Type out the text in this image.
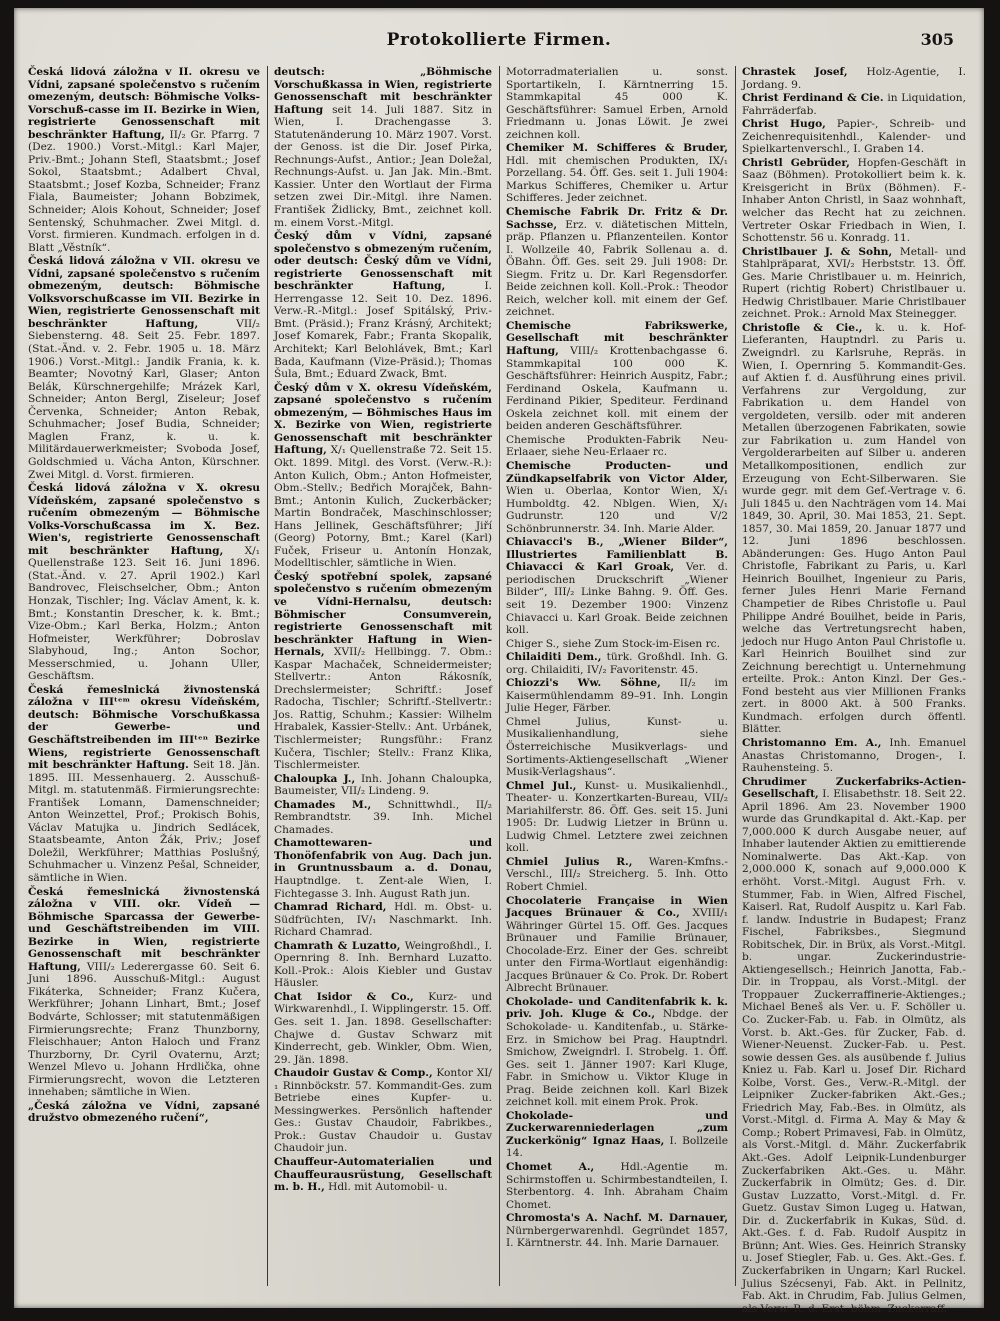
Protokollierte Firmen.	305

Česká lidová záložna v II. okresu ve Vídni, zapsané společenstvo s ručením omezeným, deutsch: Böhmische Volks-Vorschuß-casse im II. Bezirke in Wien, registrierte Genossenschaft mit beschränkter Haftung, II/₂ Gr. Pfarrg. 7 (Dez. 1900.) Vorst.-Mitgl.: Karl Majer, Priv.-Bmt.; Johann Stefl, Staatsbmt.; Josef Sokol, Staatsbmt.; Adalbert Chval, Staatsbmt.; Josef Kozba, Schneider; Franz Fiala, Baumeister; Johann Bobzimek, Schneider; Alois Kohout, Schneider; Josef Sentenský, Schuhmacher. Zwei Mitgl. d. Vorst. firmieren. Kundmach. erfolgen in d. Blatt „Věstník“.

Česká lidová záložna v VII. okresu ve Vídni, zapsané společenstvo s ručením obmezeným, deutsch: Böhmische Volksvorschußcasse im VII. Bezirke in Wien, registrierte Genossenschaft mit beschränkter Haftung,	VII/₂ Siebensterng. 48. Seit 25. Febr. 1897. (Stat.-Änd. v. 2. Febr. 1905 u. 18. März 1906.) Vorst.-Mitgl.: Jandik Frania, k. k. Beamter; Novotný Karl, Glaser; Anton Belák, Kürschnergehilfe; Mrázek Karl, Schneider; Anton Bergl, Ziseleur; Josef Červenka, Schneider; Anton Rebak, Schuhmacher; Josef Budia, Schneider; Maglen Franz, k. u. k. Militärdauerwerkmeister; Svoboda Josef, Goldschmied u. Vácha Anton, Kürschner. Zwei Mitgl. d. Vorst. firmieren.

Česká lidová záložna v X. okresu Vídeňském, zapsané společenstvo s ručením obmezeným — Böhmische Volks-Vorschußcassa im X. Bez. Wien's, registrierte Genossenschaft mit beschränkter Haftung, X/₁ Quellenstraße 123. Seit 16. Juni 1896. (Stat.-Änd. v. 27. April 1902.) Karl Bandrovec, Fleischselcher, Obm.; Anton Honzak, Tischler; Ing. Václav Ament, k. k. Bmt.; Konstantin Drescher, k. k. Bmt.; Vize-Obm.; Karl Berka, Holzm.; Anton Hofmeister, Werkführer; Dobroslav Slabyhoud, Ing.; Anton Sochor, Messerschmied, u. Johann Uller, Geschäftsm.

Česká řemeslnická živnostenská záložna v IIIᵗᵉᵐ okresu Vídeňském, deutsch: Böhmische Vorschußkassa der Gewerbe- und Geschäftstreibenden im IIIᵗᵉⁿ Bezirke Wiens, registrierte Genossenschaft mit beschränkter Haftung. Seit 18. Jän. 1895. III. Messenhauerg. 2. Ausschuß-Mitgl. m. statutenmäß. Firmierungsrechte: František Lomann, Damenschneider; Anton Weinzettel, Prof.; Prokisch Bohis, Václav Matujka u. Jindrich Sedlácek, Staatsbeamte, Anton Žák, Priv.; Josef Doležil, Werkführer; Matthias Poslušný, Schuhmacher u. Vinzenz Pešal, Schneider, sämtliche in Wien.

Česká řemeslnická živnostenská záložna v VIII. okr. Vídeň — Böhmische Sparcassa der Gewerbe- und Geschäftstreibenden im VIII. Bezirke in Wien, registrierte Genossenschaft mit beschränkter Haftung, VIII/₂ Lederergasse 60. Seit 6. Juni 1896. Ausschuß-Mitgl.: August Fikáterka, Schneider; Franz Kučera, Werkführer; Johann Linhart, Bmt.; Josef Bodvárte, Schlosser; mit statutenmäßigen Firmierungsrechte; Franz Thunzborny, Fleischhauer; Anton Haloch und Franz Thurzborny, Dr. Cyril Ovaternu, Arzt; Wenzel Mlevo u. Johann Hrdlička, ohne Firmierungsrecht, wovon die Letzteren innehaben; sämtliche in Wien.

„Česká záložna ve Vídni, zapsané družstvo obmezeného ručení“,

deutsch: „Böhmische Vorschußkassa in Wien, registrierte Genossenschaft mit beschränkter Haftung seit 14. Juli 1887. Sitz in Wien, I. Drachengasse 3. Statutenänderung 10. März 1907. Vorst. der Genoss. ist die Dir. Josef Pirka, Rechnungs-Aufst., Antior.; Jean Doležal, Rechnungs-Aufst. u. Jan Jak. Min.-Bmt. Kassier. Unter den Wortlaut der Firma setzen zwei Dir.-Mitgl. ihre Namen. František Židlicky, Bmt., zeichnet koll. m. einem Vorst.-Mitgl.

Český dům v Vídni, zapsané společenstvo s obmezeným ručením, oder deutsch: Český dům ve Vídni, registrierte Genossenschaft mit beschränkter Haftung,	I. Herrengasse 12. Seit 10. Dez. 1896. Verw.-R.-Mitgl.: Josef Spitálský, Priv.-Bmt. (Präsid.); Franz Krásný, Architekt; Josef Komarek, Fabr.; Franta Skopalik, Architekt; Karl Belohlávek, Bmt.; Karl Bada, Kaufmann (Vize-Präsid.); Thomas Šula, Bmt.; Eduard Zwack, Bmt.

Český dům v X. okresu Vídeňském, zapsané společenstvo s ručením obmezeným, — Böhmisches Haus im X. Bezirke von Wien, registrierte Genossenschaft mit beschränkter Haftung, X/₁ Quellenstraße 72. Seit 15. Okt. 1899. Mitgl. des Vorst. (Verw.-R.): Anton Kulich, Obm.; Anton Hofmeister, Obm.-Stellv.; Bedřich Morajček, Bahn-Bmt.; Antonin Kulich, Zuckerbäcker; Martin Bondraček, Maschinschlosser; Hans Jellinek, Geschäftsführer; Jiří (Georg) Potorny, Bmt.; Karel (Karl) Fuček, Friseur u. Antonín Honzak, Modelltischler, sämtliche in Wien.

Český spotřební spolek, zapsané společenstvo s ručením obmezeným ve Vídni-Hernalsu, deutsch: Böhmischer Consumverein, registrierte Genossenschaft mit beschränkter Haftung in Wien-Hernals, XVII/₂ Hellbingg. 7. Obm.: Kaspar Machaček, Schneidermeister; Stellvertr.: Anton Rákosník, Drechslermeister; Schriftf.: Josef Radocha, Tischler; Schriftf.-Stellvertr.: Jos. Rattig, Schuhm.; Kassier: Wilhelm Hrabalek, Kassier-Stellv.: Ant. Urbánek, Tischlermeister; Rungsführ.: Franz Kučera, Tischler; Stellv.: Franz Klika, Tischlermeister.

Chaloupka J., Inh. Johann Chaloupka, Baumeister, VII/₂ Lindeng. 9.

Chamades M., Schnittwhdl., II/₂ Rembrandtstr. 39. Inh. Michel Chamades.

Chamottewaren- und Thonöfenfabrik von Aug. Dach jun. in Gruntnussbaum a. d. Donau, Hauptndlge. t. Zent-ale Wien, I. Fichtegasse 3. Inh. August Rath jun.

Chamrad Richard, Hdl. m. Obst- u. Südfrüchten, IV/₁ Naschmarkt. Inh. Richard Chamrad.

Chamrath & Luzatto, Weingroßhdl., I. Opernring 8. Inh. Bernhard Luzatto. Koll.-Prok.: Alois Kiebler und Gustav Häusler.

Chat Isidor & Co., Kurz- und Wirkwarenhdl., I. Wipplingerstr. 15. Off. Ges. seit 1. Jan. 1898. Gesellschafter: Chajwe d. Gustav Schwarz mit Kinderrecht, geb. Winkler, Obm. Wien, 29. Jän. 1898.

Chaudoir Gustav & Comp., Kontor XI/₁ Rinnböckstr. 57. Kommandit-Ges. zum Betriebe eines Kupfer- u. Messingwerkes. Persönlich haftender Ges.: Gustav Chaudoir, Fabrikbes., Prok.: Gustav Chaudoir u. Gustav Chaudoir jun.

Chauffeur-Automaterialien und Chauffeurausrüstung, Gesellschaft m. b. H., Hdl. mit Automobil- u.

Motorradmaterialien u. sonst. Sportartikeln, I. Kärntnerring 15. Stammkapital 45 000 K. Geschäftsführer: Samuel Erben, Arnold Friedmann u. Jonas Löwit. Je zwei zeichnen koll.

Chemiker M. Schifferes & Bruder, Hdl. mit chemischen Produkten, IX/₁ Porzellang. 54. Öff. Ges. seit 1. Juli 1904: Markus Schifferes, Chemiker u. Artur Schifferes. Jeder zeichnet.

Chemische Fabrik Dr. Fritz & Dr. Sachsse, Erz. v. diätetischen Mitteln, präp. Pflanzen u. Pflanzenteilen. Kontor I. Wollzeile 40, Fabrik Sollenau a. d. ÖBahn. Öff. Ges. seit 29. Juli 1908: Dr. Siegm. Fritz u. Dr. Karl Regensdorfer. Beide zeichnen koll. Koll.-Prok.: Theodor Reich, welcher koll. mit einem der Gef. zeichnet.

Chemische Fabrikswerke, Gesellschaft mit beschränkter Haftung, VIII/₂ Krottenbachgasse 6. Stammkapital 100 000 K. Geschäftsführer: Heinrich Auspitz, Fabr.; Ferdinand Oskela, Kaufmann u. Ferdinand Pikier, Spediteur. Ferdinand Oskela zeichnet koll. mit einem der beiden anderen Geschäftsführer.

Chemische Produkten-Fabrik Neu-Erlaaer, siehe Neu-Erlaaer rc.

Chemische Producten- und Zündkapselfabrik von Victor Alder, Wien u. Oberlaa, Kontor Wien, X/₁ Humboldtg. 42. Nblgen. Wien, X/₁ Gudrunstr. 120 und V/2 Schönbrunnerstr. 34. Inh. Marie Alder.

Chiavacci's B., „Wiener Bilder“, Illustriertes Familienblatt B. Chiavacci & Karl Groak, Ver. d. periodischen Druckschrift „Wiener Bilder“, III/₂ Linke Bahng. 9. Öff. Ges. seit 19. Dezember 1900: Vinzenz Chiavacci u. Karl Groak. Beide zeichnen koll.

Chiger S., siehe Zum Stock-im-Eisen rc.

Chilaiditi Dem., türk. Großhdl. Inh. G. org. Chilaiditi, IV/₂ Favoritenstr. 45.

Chiozzi's Ww. Söhne, II/₂ im Kaisermühlendamm 89–91. Inh. Longin Julie Heger, Färber.

Chmel Julius, Kunst- u. Musikalienhandlung, siehe Österreichische Musikverlags- und Sortiments-Aktiengesellschaft „Wiener Musik-Verlagshaus“.

Chmel Jul., Kunst- u. Musikalienhdl., Theater- u. Konzertkarten-Bureau, VII/₂ Mariahilferstr. 86. Öff. Ges. seit 15. Juni 1905: Dr. Ludwig Lietzer in Brünn u. Ludwig Chmel. Letztere zwei zeichnen koll.

Chmiel Julius R., Waren-Kmfns.-Verschl., III/₂ Streicherg. 5. Inh. Otto Robert Chmiel.

Chocolaterie Française in Wien Jacques Brünauer & Co., XVIII/₁ Währinger Gürtel 15. Off. Ges. Jacques Brünauer und Familie Brünauer, Chocolade-Erz. Einer der Ges. schreibt unter den Firma-Wortlaut eigenhändig: Jacques Brünauer & Co. Prok. Dr. Robert Albrecht Brünauer.

Chokolade- und Canditenfabrik k. k. priv. Joh. Kluge & Co., Nbdge. der Schokolade- u. Kanditenfab., u. Stärke-Erz. in Smichow bei Prag. Hauptndrl. Smichow, Zweigndrl. I. Strobelg. 1. Öff. Ges. seit 1. Jänner 1907: Karl Kluge, Fabr. in Smichow u. Viktor Kluge in Prag. Beide zeichnen koll. Karl Bizek zeichnet koll. mit einem Prok. Prok.

Chokolade- und Zuckerwarenniederlagen „zum Zuckerkönig“ Ignaz Haas, I. Bollzeile 14.

Chomet A., Hdl.-Agentie m. Schirmstoffen u. Schirmbestandteilen, I. Sterbentorg. 4. Inh. Abraham Chaim Chomet.

Chromosta's A. Nachf. M. Darnauer, Nürnbergerwarenhdl. Gegründet 1857, I. Kärntnerstr. 44. Inh. Marie Darnauer.

Chrastek Josef, Holz-Agentie, I. Jordang. 9.

Christ Ferdinand & Cie. in Liquidation, Fahrräderfab.

Christ Hugo, Papier-, Schreib- und Zeichenrequisitenhdl., Kalender- und Spielkartenverschl., I. Graben 14.

Christl Gebrüder, Hopfen-Geschäft in Saaz (Böhmen). Protokolliert beim k. k. Kreisgericht in Brüx (Böhmen). F.-Inhaber Anton Christl, in Saaz wohnhaft, welcher das Recht hat zu zeichnen. Vertreter Oskar Friedbach in Wien, I. Schottenstr. 56 u. Konradg. 11.

Christlbauer J. & Sohn, Metall- und Stahlpräparat, XVI/₂ Herbststr. 13. Öff. Ges. Marie Christlbauer u. m. Heinrich, Rupert (richtig Robert) Christlbauer u. Hedwig Christlbauer. Marie Christlbauer zeichnet. Prok.: Arnold Max Steinegger.

Christofle & Cie., k. u. k. Hof-Lieferanten, Hauptndrl. zu Paris u. Zweigndrl. zu Karlsruhe, Repräs. in Wien, I. Opernring 5. Kommandit-Ges. auf Aktien f. d. Ausführung eines privil. Verfahrens zur Vergoldung, zur Fabrikation u. dem Handel von vergoldeten, versilb. oder mit anderen Metallen überzogenen Fabrikaten, sowie zur Fabrikation u. zum Handel von Vergolderarbeiten auf Silber u. anderen Metallkompositionen, endlich zur Erzeugung von Echt-Silberwaren. Sie wurde gegr. mit dem Gef.-Vertrage v. 6. Juli 1845 u. den Nachträgen vom 14. Mai 1849, 30. April, 30. Mai 1853, 21. Sept. 1857, 30. Mai 1859, 20. Januar 1877 und 12. Juni 1896 beschlossen. Abänderungen: Ges. Hugo Anton Paul Christofle, Fabrikant zu Paris, u. Karl Heinrich Bouilhet, Ingenieur zu Paris, ferner Jules Henri Marie Fernand Champetier de Ribes Christofle u. Paul Philippe André Bouilhet, beide in Paris, welche das Vertretungsrecht haben, jedoch nur Hugo Anton Paul Christofle u. Karl Heinrich Bouilhet sind zur Zeichnung berechtigt u. Unternehmung erteilte. Prok.: Anton Kinzl. Der Ges.-Fond besteht aus vier Millionen Franks zert. in 8000 Akt. à 500 Franks. Kundmach. erfolgen durch öffentl. Blätter.

Christomanno Em. A., Inh. Emanuel Anastas Christomanno, Drogen-, I. Rauhensteing. 5.

Chrudimer Zuckerfabriks-Actien-Gesellschaft, I. Elisabethstr. 18. Seit 22. April 1896. Am 23. November 1900 wurde das Grundkapital d. Akt.-Kap. per 7,000.000 K durch Ausgabe neuer, auf Inhaber lautender Aktien zu emittierende Nominalwerte. Das Akt.-Kap. von 2,000.000 K, sonach auf 9,000.000 K erhöht. Vorst.-Mitgl. August Frh. v. Stummer, Fab. in Wien, Alfred Fischel, Kaiserl. Rat, Rudolf Auspitz u. Karl Fab. f. landw. Industrie in Budapest; Franz Fischel, Fabriksbes., Siegmund Robitschek, Dir. in Brüx, als Vorst.-Mitgl. b. ungar. Zuckerindustrie-Aktiengesellsch.; Heinrich Janotta, Fab.-Dir. in Troppau, als Vorst.-Mitgl. der Troppauer Zuckerraffinerie-Aktienges.; Michael Beneš als Ver. u. F. Schöller u. Co. Zucker-Fab. u. Fab. in Olmütz, als Vorst. b. Akt.-Ges. für Zucker, Fab. d. Wiener-Neuenst. Zucker-Fab. u. Pest. sowie dessen Ges. als ausübende f. Julius Kniez u. Fab. Karl u. Josef Dir. Richard Kolbe, Vorst. Ges., Verw.-R.-Mitgl. der Leipniker Zucker-fabriken Akt.-Ges.; Friedrich May, Fab.-Bes. in Olmütz, als Vorst.-Mitgl. d. Firma A. May & May & Comp.; Robert Primavesi, Fab. in Olmütz, als Vorst.-Mitgl. d. Mähr. Zuckerfabrik Akt.-Ges. Adolf Leipnik-Lundenburger Zuckerfabriken Akt.-Ges. u. Mähr. Zuckerfabrik in Olmütz; Ges. d. Dir. Gustav Luzzatto, Vorst.-Mitgl. d. Fr. Guetz. Gustav Simon Lugeg u. Hatwan, Dir. d. Zuckerfabrik in Kukas, Süd. d. Akt.-Ges. f. d. Fab. Rudolf Auspitz in Brünn; Ant. Wies. Ges. Heinrich Stransky u. Josef Stiegler, Fab. u. Ges. Akt.-Ges. f. Zuckerfabriken in Ungarn; Karl Ruckel. Julius Szécsenyi, Fab. Akt. in Pellnitz, Fab. Akt. in Chrudim, Fab. Julius Gelmen, als Verw.-R. d. Erst. böhm. Zuckerraff.
